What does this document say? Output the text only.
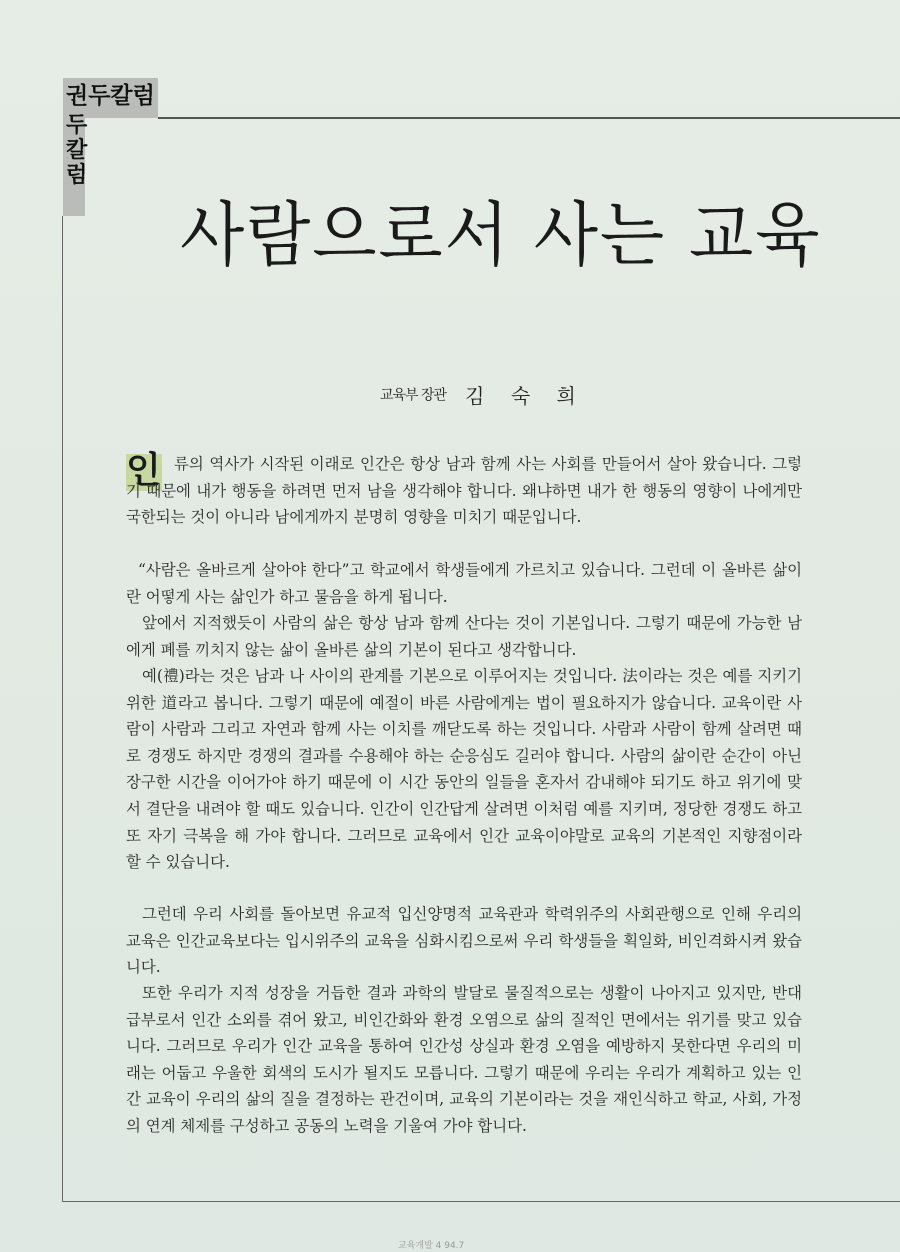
권두칼럼
두칼럼
사람으로서 사는 교육
교육부 장관 김 숙 희
인 류의 역사가 시작된 이래로 인간은 항상 남과 함께 사는 사회를 만들어서 살아 왔습니다. 그렇기 때문에 내가 행동을 하려면 먼저 남을 생각해야 합니다. 왜냐하면 내가 한 행동의 영향이 나에게만 국한되는 것이 아니라 남에게까지 분명히 영향을 미치기 때문입니다.

“사람은 올바르게 살아야 한다”고 학교에서 학생들에게 가르치고 있습니다. 그런데 이 올바른 삶이란 어떻게 사는 삶인가 하고 물음을 하게 됩니다.

앞에서 지적했듯이 사람의 삶은 항상 남과 함께 산다는 것이 기본입니다. 그렇기 때문에 가능한 남에게 폐를 끼치지 않는 삶이 올바른 삶의 기본이 된다고 생각합니다.

예(禮)라는 것은 남과 나 사이의 관계를 기본으로 이루어지는 것입니다. 法이라는 것은 예를 지키기 위한 道라고 봅니다. 그렇기 때문에 예절이 바른 사람에게는 법이 필요하지가 않습니다. 교육이란 사람이 사람과 그리고 자연과 함께 사는 이치를 깨닫도록 하는 것입니다. 사람과 사람이 함께 살려면 때로 경쟁도 하지만 경쟁의 결과를 수용해야 하는 순응심도 길러야 합니다. 사람의 삶이란 순간이 아닌 장구한 시간을 이어가야 하기 때문에 이 시간 동안의 일들을 혼자서 감내해야 되기도 하고 위기에 맞서 결단을 내려야 할 때도 있습니다. 인간이 인간답게 살려면 이처럼 예를 지키며, 정당한 경쟁도 하고 또 자기 극복을 해 가야 합니다. 그러므로 교육에서 인간 교육이야말로 교육의 기본적인 지향점이라 할 수 있습니다.

그런데 우리 사회를 돌아보면 유교적 입신양명적 교육관과 학력위주의 사회관행으로 인해 우리의 교육은 인간교육보다는 입시위주의 교육을 심화시킴으로써 우리 학생들을 획일화, 비인격화시켜 왔습니다.

또한 우리가 지적 성장을 거듭한 결과 과학의 발달로 물질적으로는 생활이 나아지고 있지만, 반대 급부로서 인간 소외를 겪어 왔고, 비인간화와 환경 오염으로 삶의 질적인 면에서는 위기를 맞고 있습니다. 그러므로 우리가 인간 교육을 통하여 인간성 상실과 환경 오염을 예방하지 못한다면 우리의 미래는 어둡고 우울한 회색의 도시가 될지도 모릅니다. 그렇기 때문에 우리는 우리가 계획하고 있는 인간 교육이 우리의 삶의 질을 결정하는 관건이며, 교육의 기본이라는 것을 재인식하고 학교, 사회, 가정의 연계 체제를 구성하고 공동의 노력을 기울여 가야 합니다.

교육개발 4 94.7
